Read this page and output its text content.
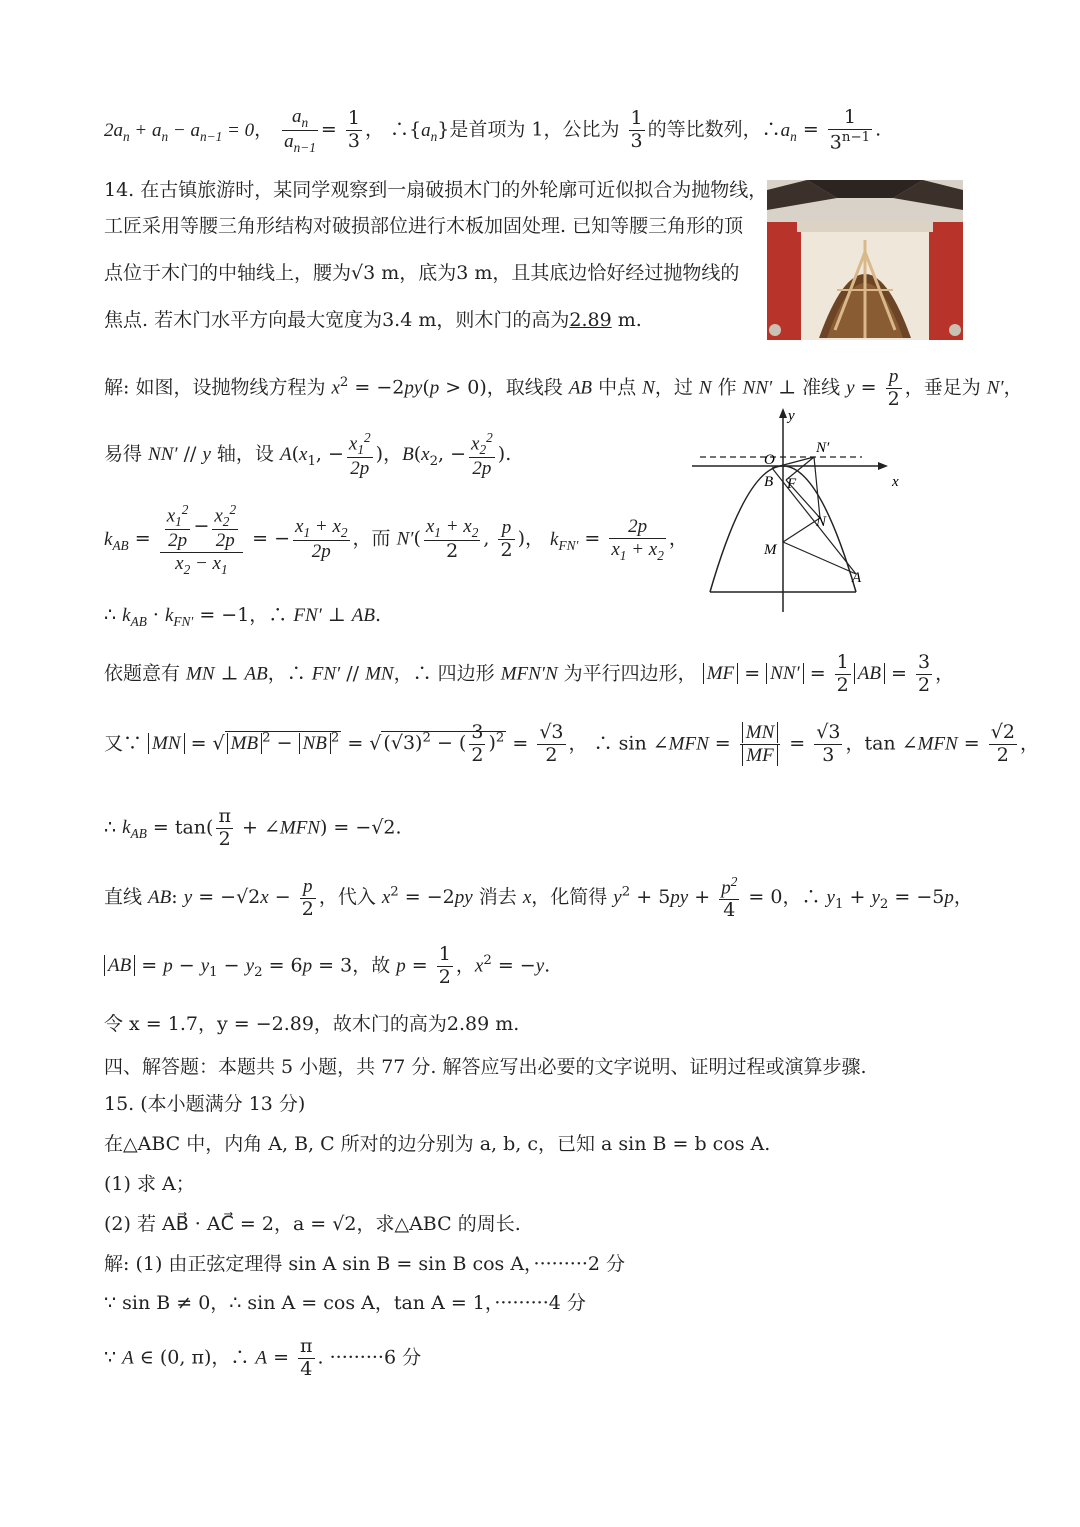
$2a_n + a_n - a_{n-1} = 0$， $\frac{a_n}{a_{n-1}} = \frac{1}{3}$ ， $\therefore\{a_n\}$是首项为 1，公比为 $\frac{1}{3}$ 的等比数列，$\therefore a_n = \frac{1}{3^{n-1}}$ .
14. 在古镇旅游时，某同学观察到一扇破损木门的外轮廓可近似拟合为抛物线，
工匠采用等腰三角形结构对破损部位进行木板加固处理. 已知等腰三角形的顶
点位于木门的中轴线上，腰为√3 m，底为3 m，且其底边恰好经过抛物线的
焦点. 若木门水平方向最大宽度为3.4 m，则木门的高为2.89 m.
解: 如图，设抛物线方程为 $x^2 = -2py(p > 0)$，取线段 AB 中点 N，过 N 作 NN′ ⊥ 准线 $y = \frac{p}{2}$ ，垂足为 N′，
易得 NN′ // y 轴，设 $A(x_1$, − $\frac{x_1^2}{2p}$ )，$B(x_2$, − $\frac{x_2^2}{2p}$ ).
$k_{AB} = \frac{\frac{x_1^2}{2p} - \frac{x_2^2}{2p}}{x_2 - x_1}$ = − $\frac{x_1 + x_2}{2p}$ ，而 $N'( \frac{x_1 + x_2}{2}$ , $\frac{p}{2}$ )， $k_{FN'} = \frac{2p}{x_1 + x_2}$ ，
∴ $k_{AB} \cdot k_{FN'} = -1$，∴ FN′ ⊥ AB.
y
x
O
N′
B F
N
M
A
依题意有 MN ⊥ AB，∴ FN′ // MN，∴ 四边形 MFN′N 为平行四边形， MF = $NN' = \frac{1}{2}$ AB = $\frac{3}{2}$ ，
又∵ MN = √ MB $^2$ − NB $^2$ = √ $(√3)^2$ − ( $\frac{3}{2} )^2 = \frac{√3}{2}$ ， ∴ sin ∠MFN = $\frac{MN}{MF} = \frac{√3}{3}$ ，tan ∠MFN = $\frac{√2}{2}$ ，
∴ $k_{AB} = \tan( \frac{\pi}{2}$ + ∠MFN) = −√2.
直线 AB: $y = -√2x - \frac{p}{2}$ ，代入 $x^2 = -2py$ 消去 x，化简得 $y^2 + 5py + \frac{p^2}{4} = 0$，∴ $y_1 + y_2 = -5p$，
AB = $p - y_1 - y_2 = 6p = 3$，故 $p = \frac{1}{2}$ ，$x^2 = -y$.
令 x = 1.7，y = −2.89，故木门的高为2.89 m.
四、解答题：本题共 5 小题，共 77 分. 解答应写出必要的文字说明、证明过程或演算步骤.
15. (本小题满分 13 分)
在△ABC 中，内角 A, B, C 所对的边分别为 a, b, c，已知 a sin B = b cos A.
(1) 求 A；
(2) 若 AB⃗ · AC⃗ = 2，a = √2，求△ABC 的周长.
解: (1) 由正弦定理得 sin A sin B = sin B cos A，·········2 分
∵ sin B ≠ 0，∴ sin A = cos A，tan A = 1，·········4 分
∵ A ∈ (0, π)，∴ $A = \frac{\pi}{4}$ . ·········6 分
